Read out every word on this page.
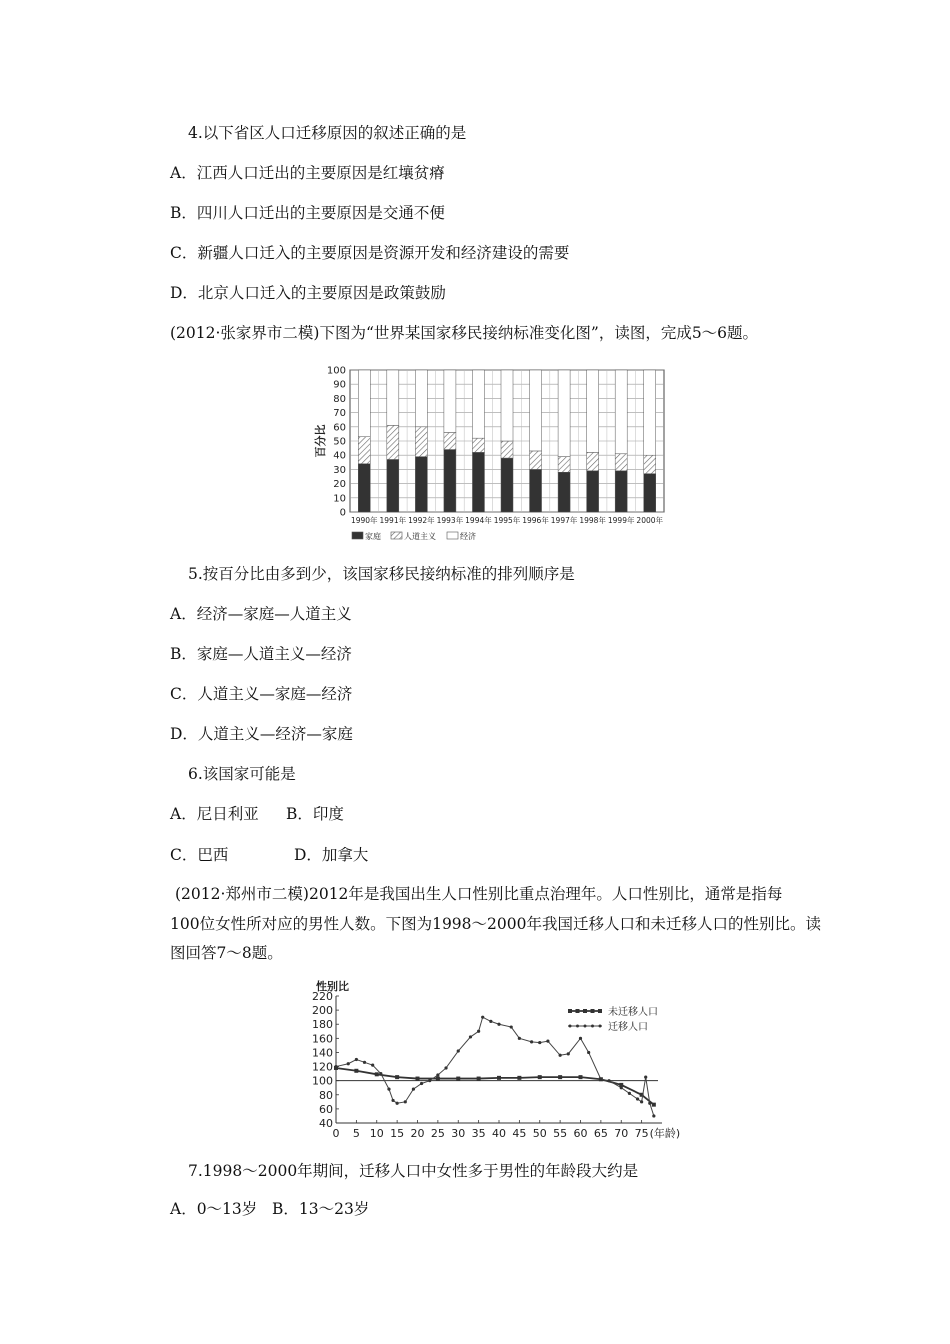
4.以下省区人口迁移原因的叙述正确的是
A．江西人口迁出的主要原因是红壤贫瘠
B．四川人口迁出的主要原因是交通不便
C．新疆人口迁入的主要原因是资源开发和经济建设的需要
D．北京人口迁入的主要原因是政策鼓励
(2012·张家界市二模)下图为“世界某国家移民接纳标准变化图”，读图，完成5～6题。
0
10
20
30
40
50
60
70
80
90
100
百分比
1990年 1991年 1992年 1993年 1994年 1995年 1996年 1997年 1998年 1999年 2000年
家庭	人道主义	经济
5.按百分比由多到少，该国家移民接纳标准的排列顺序是
A．经济—家庭—人道主义
B．家庭—人道主义—经济
C．人道主义—家庭—经济
D．人道主义—经济—家庭
6.该国家可能是
A．尼日利亚 B．印度
C．巴西	D．加拿大
(2012·郑州市二模)2012年是我国出生人口性别比重点治理年。人口性别比，通常是指每
100位女性所对应的男性人数。下图为1998～2000年我国迁移人口和未迁移人口的性别比。读
图回答7～8题。
性别比
40
60
80
100
120
140
160
180
200
220
0 5 10 15 20 25 30 35 40 45 50 55 60 65 70 75 (年龄)
未迁移人口
迁移人口
7.1998～2000年期间，迁移人口中女性多于男性的年龄段大约是
A．0～13岁 B．13～23岁
